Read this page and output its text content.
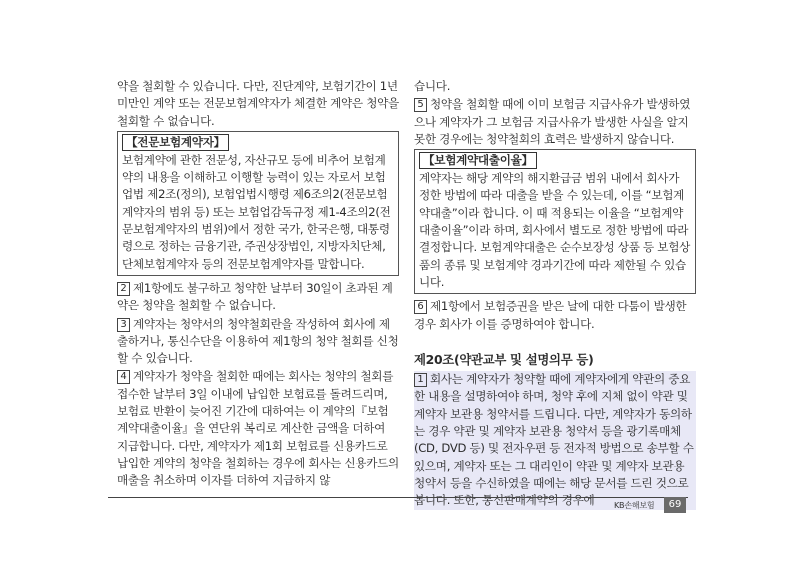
약을 철회할 수 있습니다. 다만, 진단계약, 보험기간이 1년 미만인 계약 또는 전문보험계약자가 체결한 계약은 청약을 철회할 수 없습니다.

【전문보험계약자】

보험계약에 관한 전문성, 자산규모 등에 비추어 보험계약의 내용을 이해하고 이행할 능력이 있는 자로서 보험업법 제2조(정의), 보험업법시행령 제6조의2(전문보험계약자의 범위 등) 또는 보험업감독규정 제1-4조의2(전문보험계약자의 범위)에서 정한 국가, 한국은행, 대통령령으로 정하는 금융기관, 주권상장법인, 지방자치단체, 단체보험계약자 등의 전문보험계약자를 말합니다.

2 제1항에도 불구하고 청약한 날부터 30일이 초과된 계약은 청약을 철회할 수 없습니다.

3 계약자는 청약서의 청약철회란을 작성하여 회사에 제출하거나, 통신수단을 이용하여 제1항의 청약 철회를 신청할 수 있습니다.

4 계약자가 청약을 철회한 때에는 회사는 청약의 철회를 접수한 날부터 3일 이내에 납입한 보험료를 돌려드리며, 보험료 반환이 늦어진 기간에 대하여는 이 계약의『보험계약대출이율』을 연단위 복리로 계산한 금액을 더하여 지급합니다. 다만, 계약자가 제1회 보험료를 신용카드로 납입한 계약의 청약을 철회하는 경우에 회사는 신용카드의 매출을 취소하며 이자를 더하여 지급하지 않

습니다.

5 청약을 철회할 때에 이미 보험금 지급사유가 발생하였으나 계약자가 그 보험금 지급사유가 발생한 사실을 알지 못한 경우에는 청약철회의 효력은 발생하지 않습니다.

【보험계약대출이율】

계약자는 해당 계약의 해지환급금 범위 내에서 회사가 정한 방법에 따라 대출을 받을 수 있는데, 이를 “보험계약대출”이라 합니다. 이 때 적용되는 이율을 “보험계약대출이율”이라 하며, 회사에서 별도로 정한 방법에 따라 결정합니다. 보험계약대출은 순수보장성 상품 등 보험상품의 종류 및 보험계약 경과기간에 따라 제한될 수 있습니다.

6 제1항에서 보험증권을 받은 날에 대한 다툼이 발생한 경우 회사가 이를 증명하여야 합니다.

제20조(약관교부 및 설명의무 등)

1 회사는 계약자가 청약할 때에 계약자에게 약관의 중요한 내용을 설명하여야 하며, 청약 후에 지체 없이 약관 및 계약자 보관용 청약서를 드립니다. 다만, 계약자가 동의하는 경우 약관 및 계약자 보관용 청약서 등을 광기록매체(CD, DVD 등) 및 전자우편 등 전자적 방법으로 송부할 수 있으며, 계약자 또는 그 대리인이 약관 및 계약자 보관용 청약서 등을 수신하였을 때에는 해당 문서를 드린 것으로 봅니다. 또한, 통신판매계약의 경우에	KB손해보험	69
